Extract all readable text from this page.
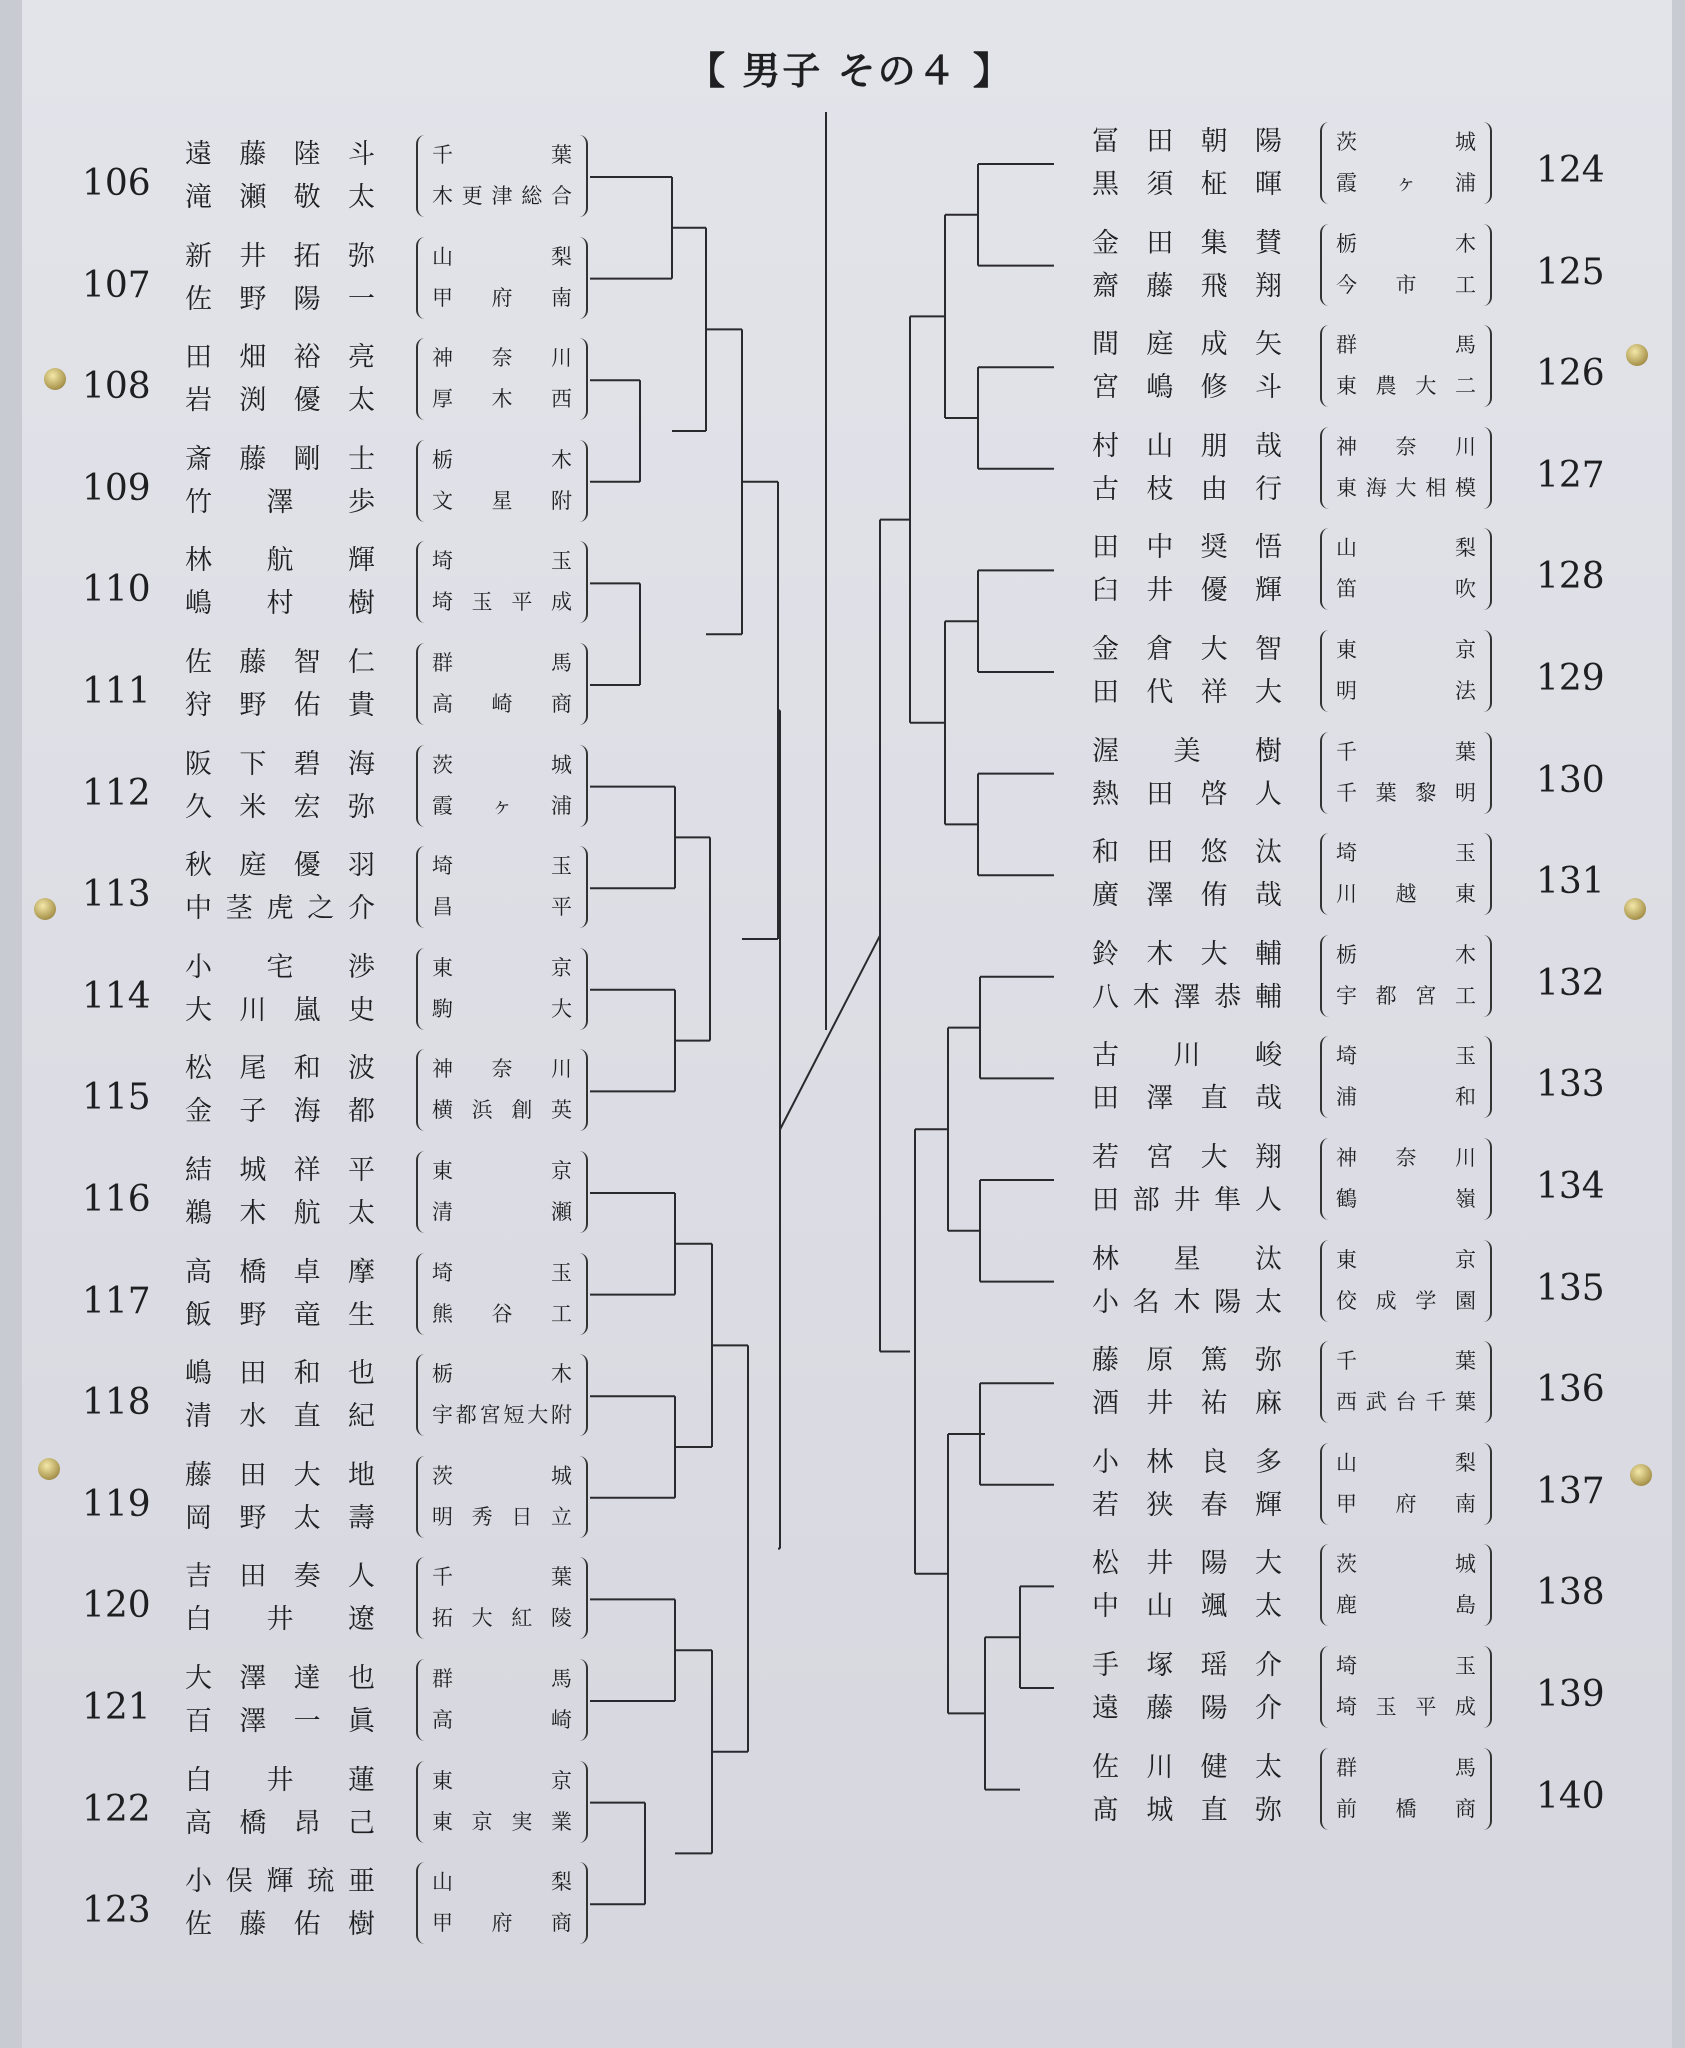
【 男子 その４ 】
106
遠 藤 陸 斗
滝 瀬 敬 太
千	葉
木 更 津 総 合
107
新 井 拓 弥
佐 野 陽 一
山	梨
甲 府 南
108
田 畑 裕 亮
岩 渕 優 太
神 奈 川
厚 木 西
109
斎 藤 剛 士
竹 澤 歩
栃	木
文 星 附
110
林 航 輝
嶋 村 樹
埼	玉
埼 玉 平 成
111
佐 藤 智 仁
狩 野 佑 貴
群	馬
高 崎 商
112
阪 下 碧 海
久 米 宏 弥
茨	城
霞 ヶ 浦
113
秋 庭 優 羽
中 茎 虎 之 介
埼	玉
昌	平
114
小 宅 渉
大 川 嵐 史
東	京
駒	大
115
松 尾 和 波
金 子 海 都
神 奈 川
横 浜 創 英
116
結 城 祥 平
鵜 木 航 太
東	京
清	瀬
117
高 橋 卓 摩
飯 野 竜 生
埼	玉
熊 谷 工
118
嶋 田 和 也
清 水 直 紀
栃	木
宇 都 宮 短 大 附
119
藤 田 大 地
岡 野 太 壽
茨	城
明 秀 日 立
120
吉 田 奏 人
白 井 遼
千	葉
拓 大 紅 陵
121
大 澤 達 也
百 澤 一 眞
群	馬
高	崎
122
白 井 蓮
高 橋 昂 己
東	京
東 京 実 業
123
小 俣 輝 琉 亜
佐 藤 佑 樹
山	梨
甲 府 商
124
冨 田 朝 陽
黒 須 柾 暉
茨	城
霞 ヶ 浦
125
金 田 集 賛
齋 藤 飛 翔
栃	木
今 市 工
126
間 庭 成 矢
宮 嶋 修 斗
群	馬
東 農 大 二
127
村 山 朋 哉
古 枝 由 行
神 奈 川
東 海 大 相 模
128
田 中 奨 悟
臼 井 優 輝
山	梨
笛	吹
129
金 倉 大 智
田 代 祥 大
東	京
明	法
130
渥 美 樹
熱 田 啓 人
千	葉
千 葉 黎 明
131
和 田 悠 汰
廣 澤 侑 哉
埼	玉
川 越 東
132
鈴 木 大 輔
八 木 澤 恭 輔
栃	木
宇 都 宮 工
133
古 川 峻
田 澤 直 哉
埼	玉
浦	和
134
若 宮 大 翔
田 部 井 隼 人
神 奈 川
鶴	嶺
135
林 星 汰
小 名 木 陽 太
東	京
佼 成 学 園
136
藤 原 篤 弥
酒 井 祐 麻
千	葉
西 武 台 千 葉
137
小 林 良 多
若 狭 春 輝
山	梨
甲 府 南
138
松 井 陽 大
中 山 颯 太
茨	城
鹿	島
139
手 塚 瑶 介
遠 藤 陽 介
埼	玉
埼 玉 平 成
140
佐 川 健 太
髙 城 直 弥
群	馬
前 橋 商
